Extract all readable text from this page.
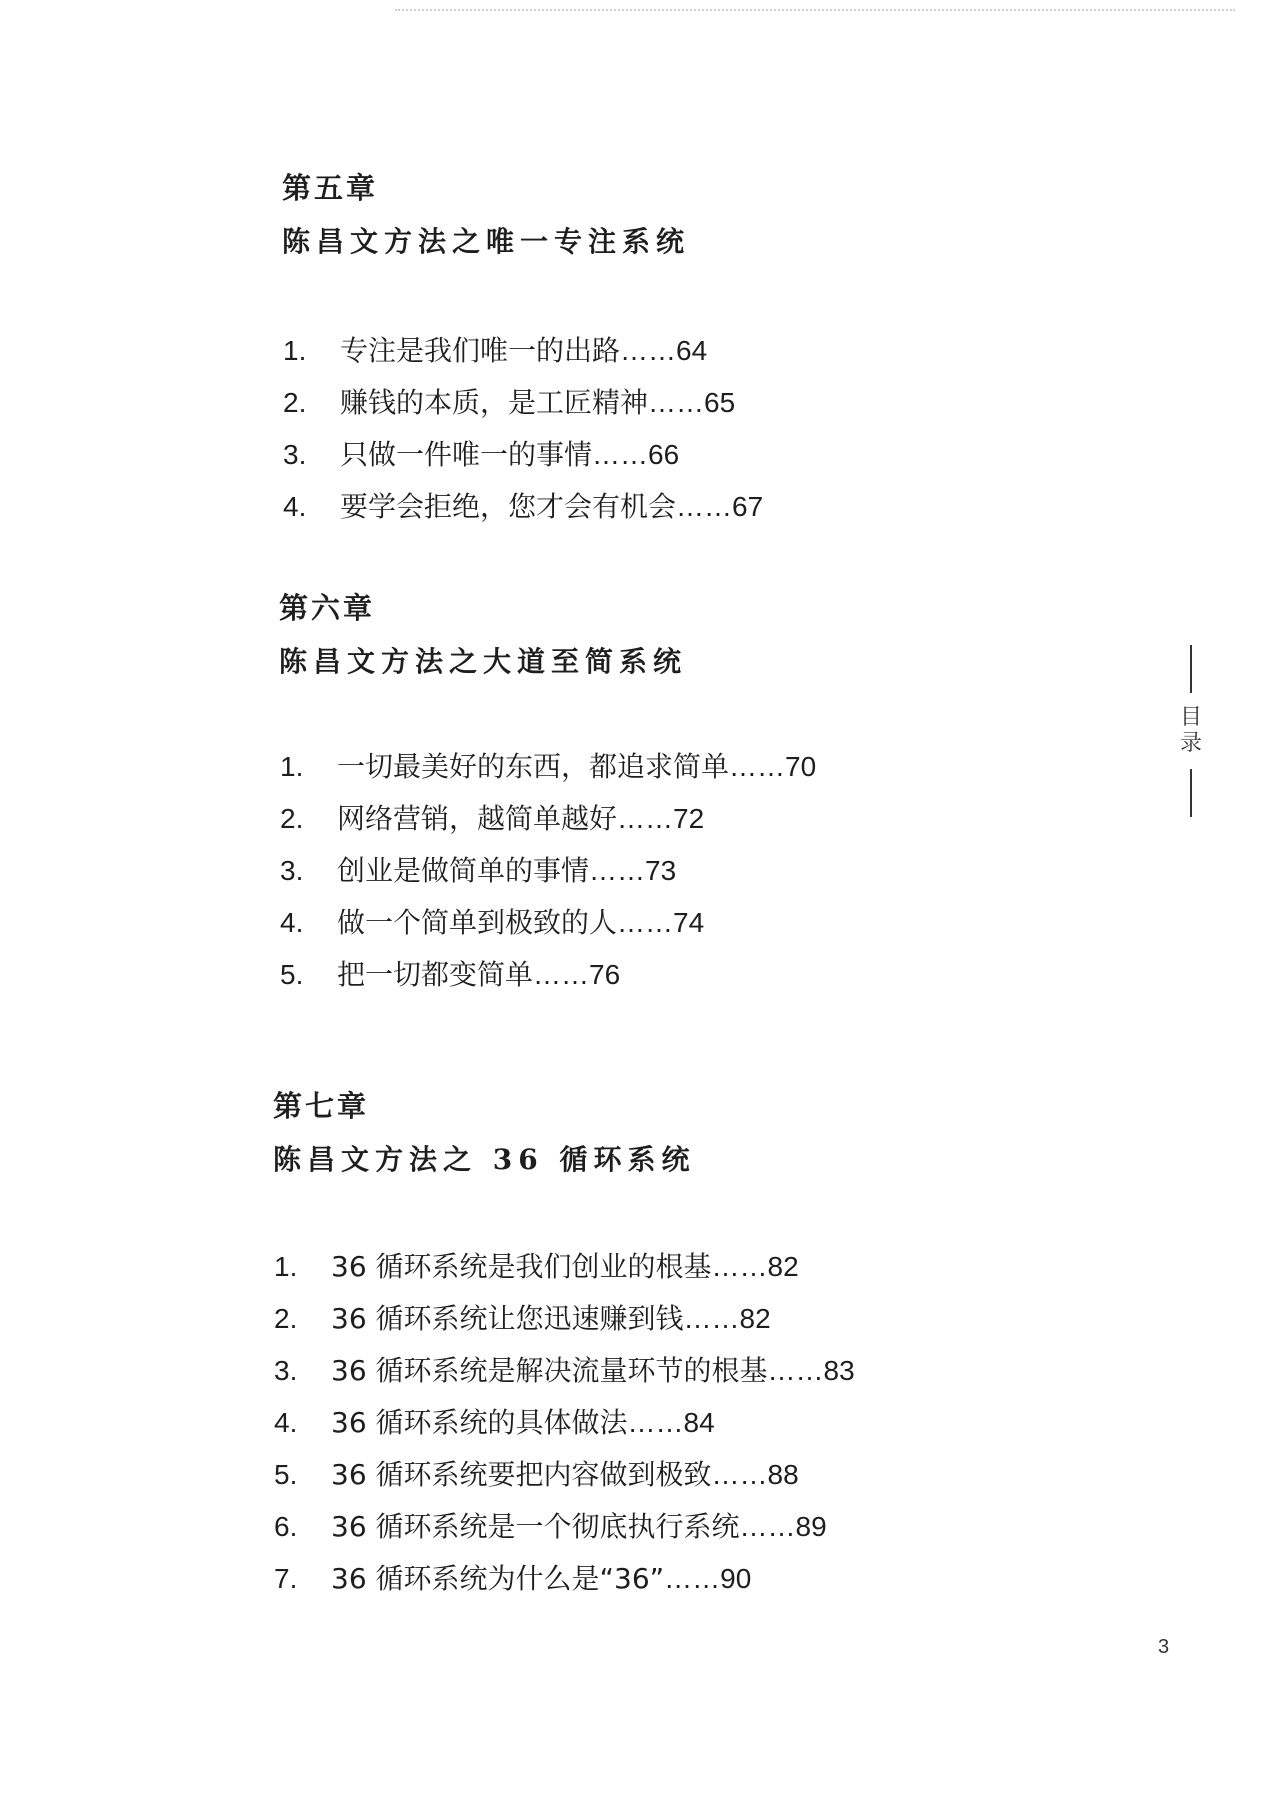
第五章
陈昌文方法之唯一专注系统
1. 专注是我们唯一的出路……64
2. 赚钱的本质，是工匠精神……65
3. 只做一件唯一的事情……66
4. 要学会拒绝，您才会有机会……67
第六章
陈昌文方法之大道至简系统
1. 一切最美好的东西，都追求简单……70
2. 网络营销，越简单越好……72
3. 创业是做简单的事情……73
4. 做一个简单到极致的人……74
5. 把一切都变简单……76
第七章
陈昌文方法之 36 循环系统
1. 36 循环系统是我们创业的根基……82
2. 36 循环系统让您迅速赚到钱……82
3. 36 循环系统是解决流量环节的根基……83
4. 36 循环系统的具体做法……84
5. 36 循环系统要把内容做到极致……88
6. 36 循环系统是一个彻底执行系统……89
7. 36 循环系统为什么是“36”……90
目
录
3
